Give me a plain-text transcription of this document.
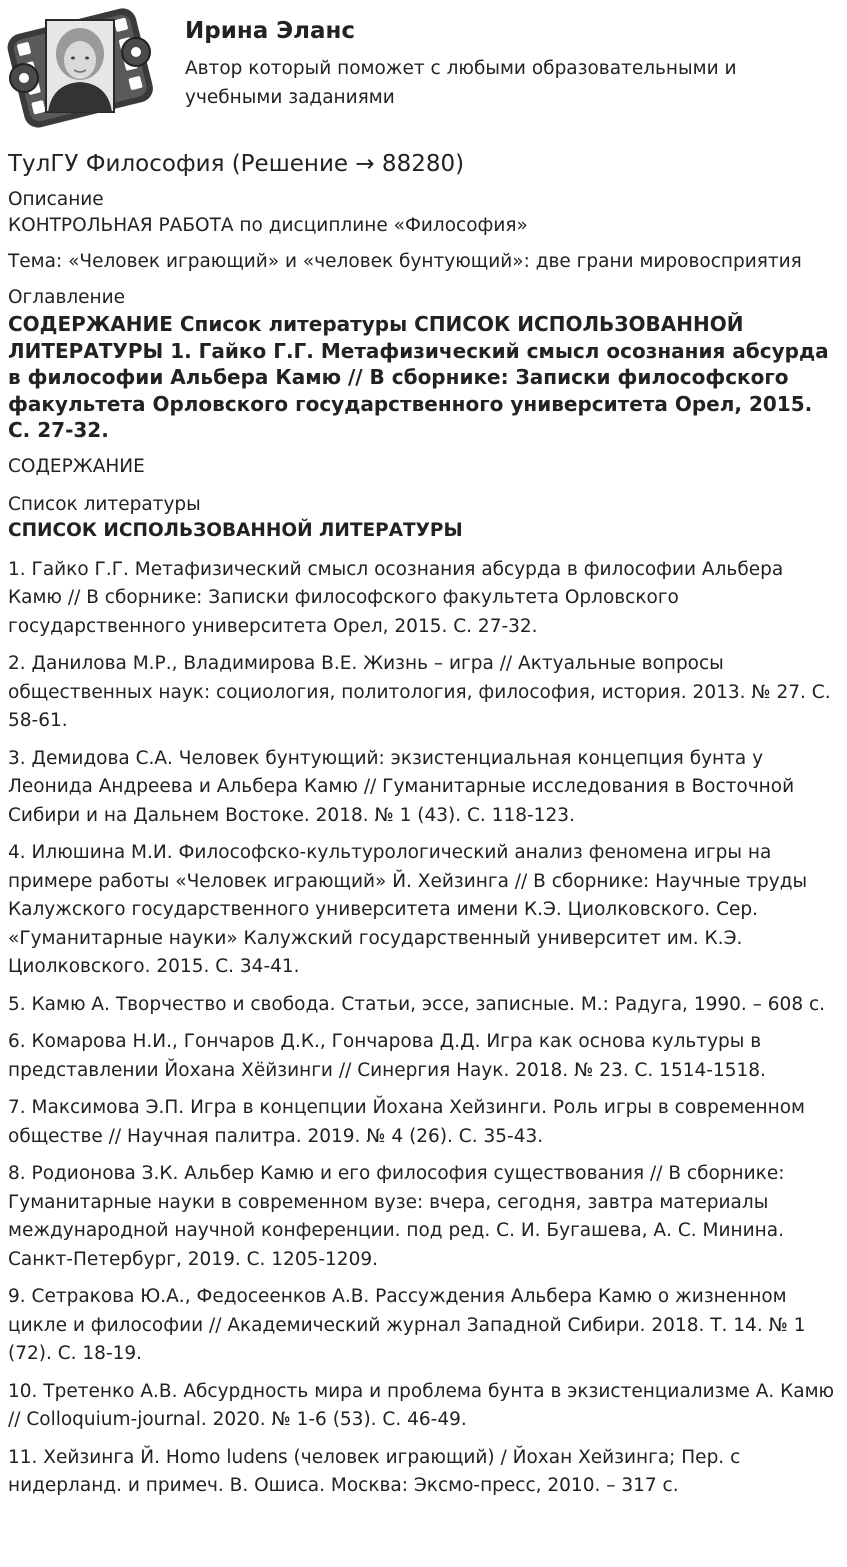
Ирина Эланс

Автор который поможет с любыми образовательными и учебными заданиями

ТулГУ Философия (Решение → 88280)

Описание

КОНТРОЛЬНАЯ РАБОТА по дисциплине «Философия»

Тема: «Человек играющий» и «человек бунтующий»: две грани мировосприятия

Оглавление

СОДЕРЖАНИЕ Список литературы СПИСОК ИСПОЛЬЗОВАННОЙ ЛИТЕРАТУРЫ 1. Гайко Г.Г. Метафизический смысл осознания абсурда в философии Альбера Камю // В сборнике: Записки философского факультета Орловского государственного университета Орел, 2015. С. 27-32.

СОДЕРЖАНИЕ

Список литературы

СПИСОК ИСПОЛЬЗОВАННОЙ ЛИТЕРАТУРЫ

1. Гайко Г.Г. Метафизический смысл осознания абсурда в философии Альбера Камю // В сборнике: Записки философского факультета Орловского государственного университета Орел, 2015. С. 27-32.

2. Данилова М.Р., Владимирова В.Е. Жизнь – игра // Актуальные вопросы общественных наук: социология, политология, философия, история. 2013. № 27. С. 58-61.

3. Демидова С.А. Человек бунтующий: экзистенциальная концепция бунта у Леонида Андреева и Альбера Камю // Гуманитарные исследования в Восточной Сибири и на Дальнем Востоке. 2018. № 1 (43). С. 118-123.

4. Илюшина М.И. Философско-культурологический анализ феномена игры на примере работы «Человек играющий» Й. Хейзинга // В сборнике: Научные труды Калужского государственного университета имени К.Э. Циолковского. Сер. «Гуманитарные науки» Калужский государственный университет им. К.Э. Циолковского. 2015. С. 34-41.

5. Камю А. Творчество и свобода. Статьи, эссе, записные. М.: Радуга, 1990. – 608 с.

6. Комарова Н.И., Гончаров Д.К., Гончарова Д.Д. Игра как основа культуры в представлении Йохана Хёйзинги // Синергия Наук. 2018. № 23. С. 1514-1518.

7. Максимова Э.П. Игра в концепции Йохана Хейзинги. Роль игры в современном обществе // Научная палитра. 2019. № 4 (26). С. 35-43.

8. Родионова З.К. Альбер Камю и его философия существования // В сборнике: Гуманитарные науки в современном вузе: вчера, сегодня, завтра материалы международной научной конференции. под ред. С. И. Бугашева, А. С. Минина. Санкт-Петербург, 2019. С. 1205-1209.

9. Сетракова Ю.А., Федосеенков А.В. Рассуждения Альбера Камю о жизненном цикле и философии // Академический журнал Западной Сибири. 2018. Т. 14. № 1 (72). С. 18-19.

10. Третенко А.В. Абсурдность мира и проблема бунта в экзистенциализме А. Камю // Colloquium-journal. 2020. № 1-6 (53). С. 46-49.

11. Хейзинга Й. Homo ludens (человек играющий) / Йохан Хейзинга; Пер. с нидерланд. и примеч. В. Ошиса. Москва: Эксмо-пресс, 2010. – 317 с.
